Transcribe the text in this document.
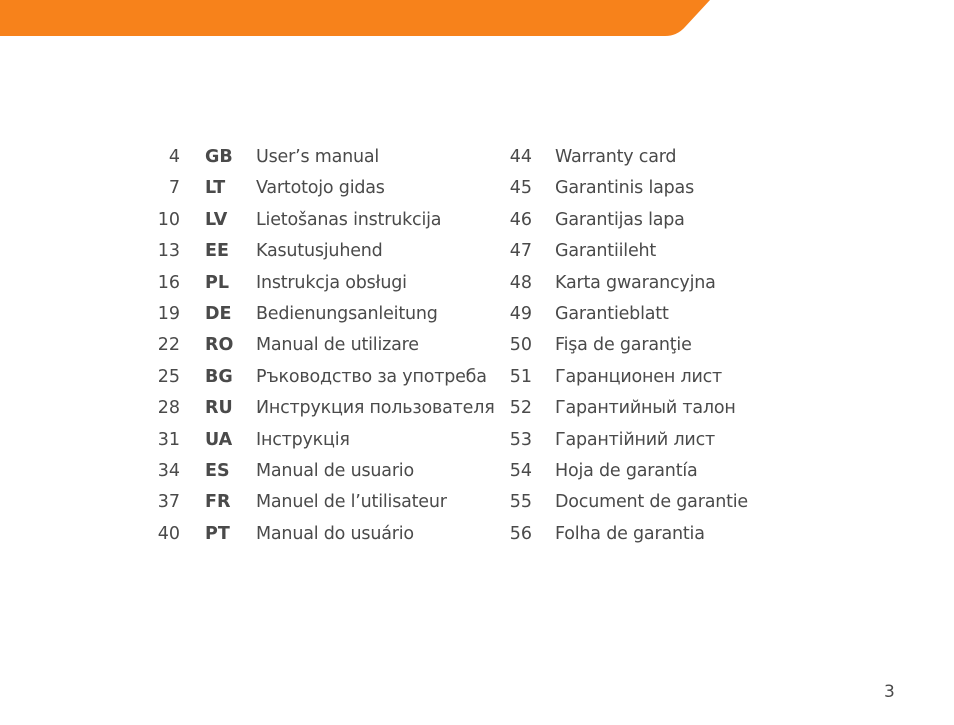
4 GB User’s manual	44 Warranty card
7 LT Vartotojo gidas	45 Garantinis lapas
10 LV Lietošanas instrukcija	46 Garantijas lapa
13 EE Kasutusjuhend	47 Garantiileht
16 PL Instrukcja obsługi	48 Karta gwarancyjna
19 DE Bedienungsanleitung	49 Garantieblatt
22 RO Manual de utilizare	50 Fişa de garanţie
25 BG Ръководство за употреба	51 Гаранционен лист
28 RU Инструкция пользователя 52 Гарантийный талон
31 UA Інструкція	53 Гарантійний лист
34 ES Manual de usuario	54 Hoja de garantía
37 FR Manuel de l’utilisateur	55 Document de garantie
40 PT Manual do usuário	56 Folha de garantia
3
